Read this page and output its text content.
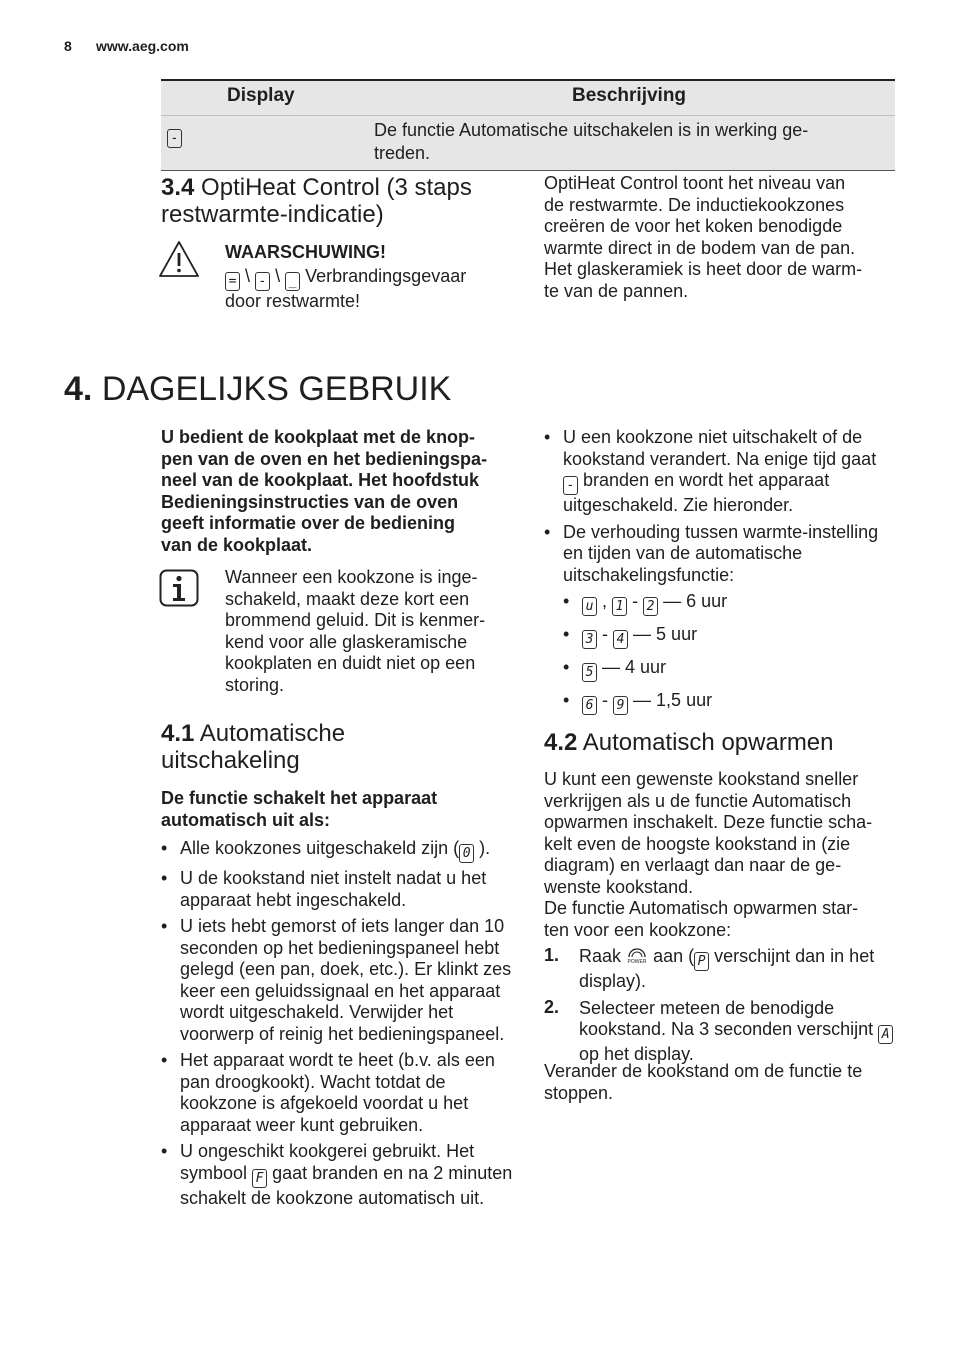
8 www.aeg.com
Display	Beschrijving
-	De functie Automatische uitschakelen is in werking ge-
treden.
3.4 OptiHeat Control (3 staps
restwarmte-indicatie)
WAARSCHUWING!
= \ - \ _ Verbrandingsgevaar
door restwarmte!
OptiHeat Control toont het niveau van
de restwarmte. De inductiekookzones
creëren de voor het koken benodigde
warmte direct in de bodem van de pan.
Het glaskeramiek is heet door de warm-
te van de pannen.
4. DAGELIJKS GEBRUIK
U bedient de kookplaat met de knop-
pen van de oven en het bedieningspa-
neel van de kookplaat. Het hoofdstuk
Bedieningsinstructies van de oven
geeft informatie over de bediening
van de kookplaat.
Wanneer een kookzone is inge-
schakeld, maakt deze kort een
brommend geluid. Dit is kenmer-
kend voor alle glaskeramische
kookplaten en duidt niet op een
storing.
4.1 Automatische
uitschakeling
De functie schakelt het apparaat
automatisch uit als:
• Alle kookzones uitgeschakeld zijn ( 0 ).
• U de kookstand niet instelt nadat u het apparaat hebt ingeschakeld.
• U iets hebt gemorst of iets langer dan 10 seconden op het bedieningspaneel hebt gelegd (een pan, doek, etc.). Er klinkt zes keer een geluidssignaal en het apparaat wordt uitgeschakeld. Verwijder het voorwerp of reinig het bedieningspaneel.
• Het apparaat wordt te heet (b.v. als een pan droogkookt). Wacht totdat de kookzone is afgekoeld voordat u het apparaat weer kunt gebruiken.
• U ongeschikt kookgerei gebruikt. Het symbool F gaat branden en na 2 minuten schakelt de kookzone automatisch uit.
• U een kookzone niet uitschakelt of de kookstand verandert. Na enige tijd gaat - branden en wordt het apparaat uitgeschakeld. Zie hieronder.
• De verhouding tussen warmte-instelling en tijden van de automatische uitschakelingsfunctie:
• u , 1 - 2 — 6 uur
• 3 - 4 — 5 uur
• 5 — 4 uur
• 6 - 9 — 1,5 uur
4.2 Automatisch opwarmen
U kunt een gewenste kookstand sneller
verkrijgen als u de functie Automatisch
opwarmen inschakelt. Deze functie scha-
kelt even de hoogste kookstand in (zie
diagram) en verlaagt dan naar de ge-
wenste kookstand.
De functie Automatisch opwarmen star-
ten voor een kookzone:
1. Raak POWER aan ( P verschijnt dan in het display).
2. Selecteer meteen de benodigde kookstand. Na 3 seconden verschijnt A op het display.
Verander de kookstand om de functie te
stoppen.
